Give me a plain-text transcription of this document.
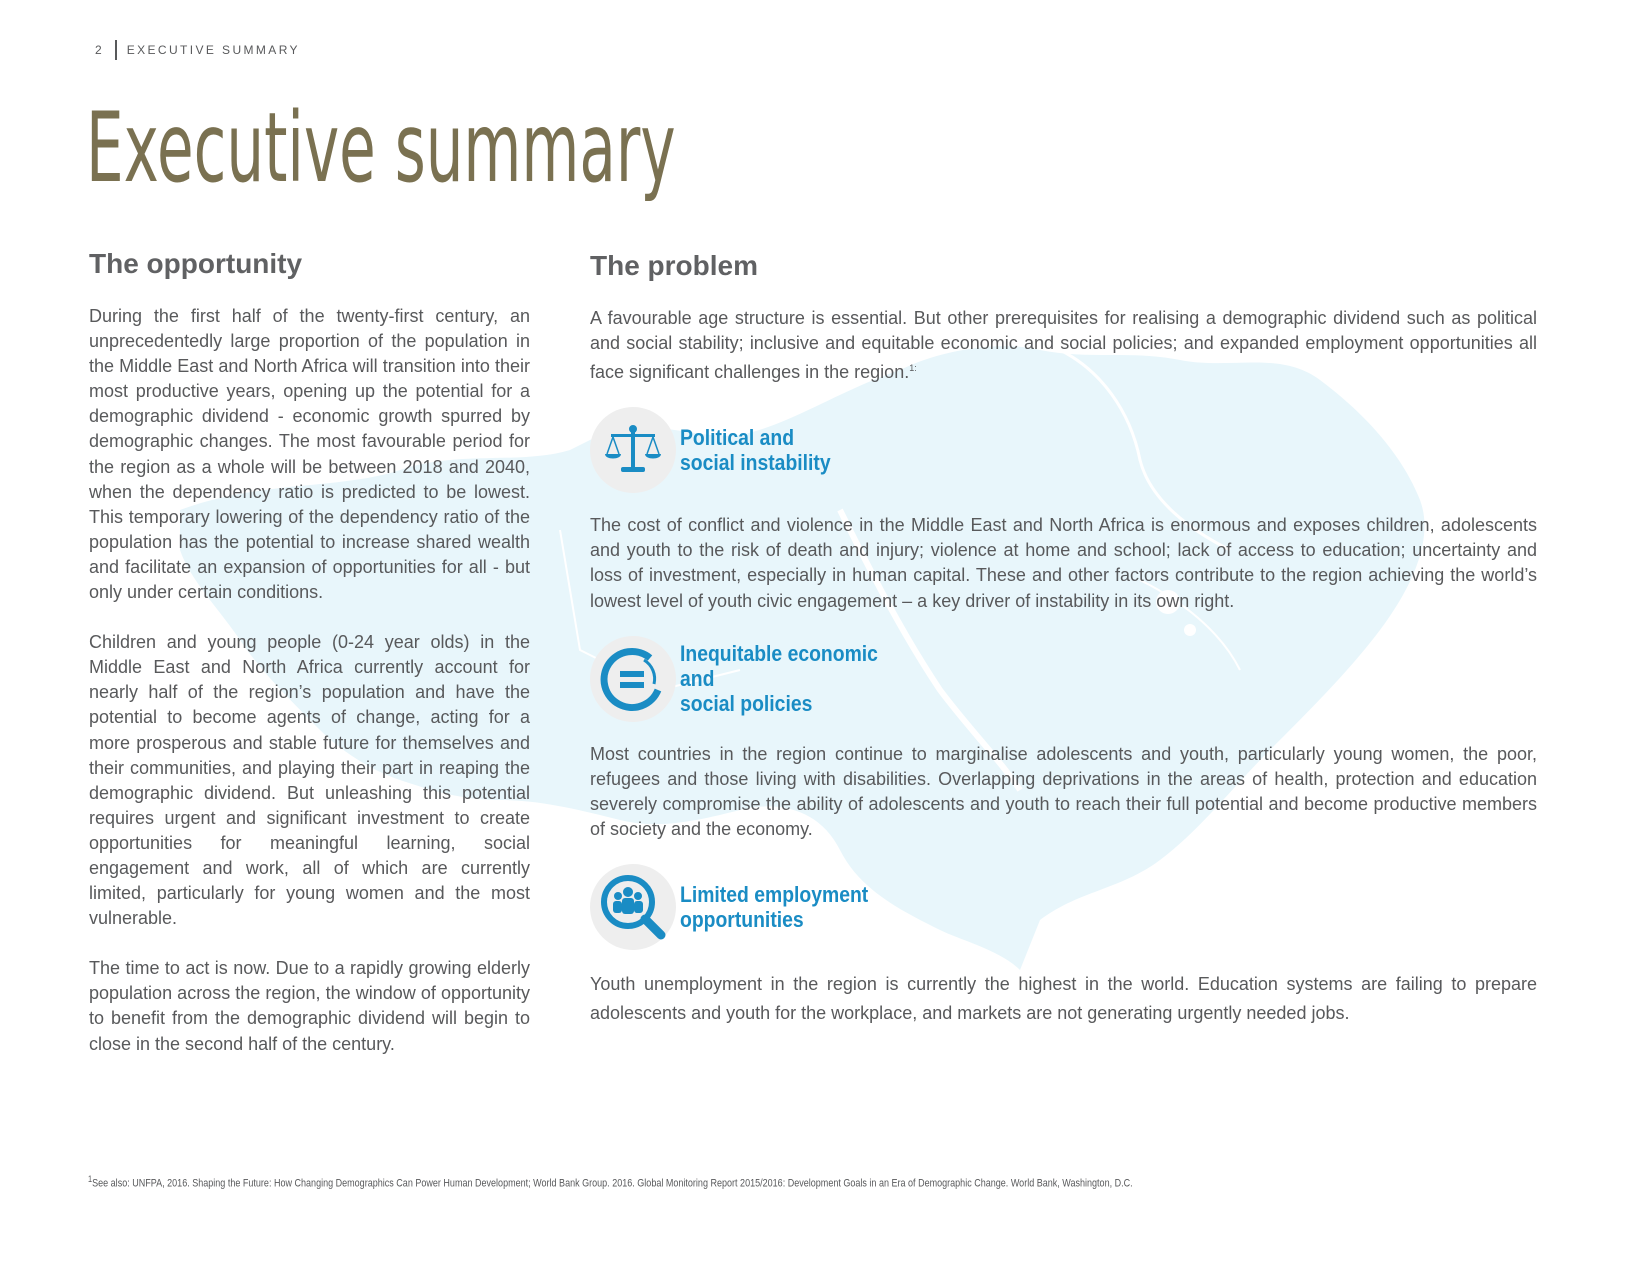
2 EXECUTIVE SUMMARY
Executive summary
The opportunity

During the first half of the twenty-first century, an unprecedentedly large proportion of the population in the Middle East and North Africa will transition into their most productive years, opening up the potential for a demographic dividend - economic growth spurred by demographic changes. The most favourable period for the region as a whole will be between 2018 and 2040, when the dependency ratio is predicted to be lowest. This temporary lowering of the dependency ratio of the population has the potential to increase shared wealth and facilitate an expansion of opportunities for all - but only under certain conditions.

Children and young people (0-24 year olds) in the Middle East and North Africa currently account for nearly half of the region’s population and have the potential to become agents of change, acting for a more prosperous and stable future for themselves and their communities, and playing their part in reaping the demographic dividend. But unleashing this potential requires urgent and significant investment to create opportunities for meaningful learning, social engagement and work, all of which are currently limited, particularly for young women and the most vulnerable.

The time to act is now. Due to a rapidly growing elderly population across the region, the window of opportunity to benefit from the demographic dividend will begin to close in the second half of the century.

The problem

A favourable age structure is essential. But other prerequisites for realising a demographic dividend such as political and social stability; inclusive and equitable economic and social policies; and expanded employment opportunities all face significant challenges in the region.$^{1:}$

Political and
social instability

The cost of conflict and violence in the Middle East and North Africa is enormous and exposes children, adolescents and youth to the risk of death and injury; violence at home and school; lack of access to education; uncertainty and loss of investment, especially in human capital. These and other factors contribute to the region achieving the world’s lowest level of youth civic engagement – a key driver of instability in its own right.

Inequitable economic and
social policies

Most countries in the region continue to marginalise adolescents and youth, particularly young women, the poor, refugees and those living with disabilities. Overlapping deprivations in the areas of health, protection and education severely compromise the ability of adolescents and youth to reach their full potential and become productive members of society and the economy.

Limited employment
opportunities

Youth unemployment in the region is currently the highest in the world. Education systems are failing to prepare adolescents and youth for the workplace, and markets are not generating urgently needed jobs.

$^1$See also: UNFPA, 2016. Shaping the Future: How Changing Demographics Can Power Human Development; World Bank Group. 2016. Global Monitoring Report 2015/2016: Development Goals in an Era of Demographic Change. World Bank, Washington, D.C.
